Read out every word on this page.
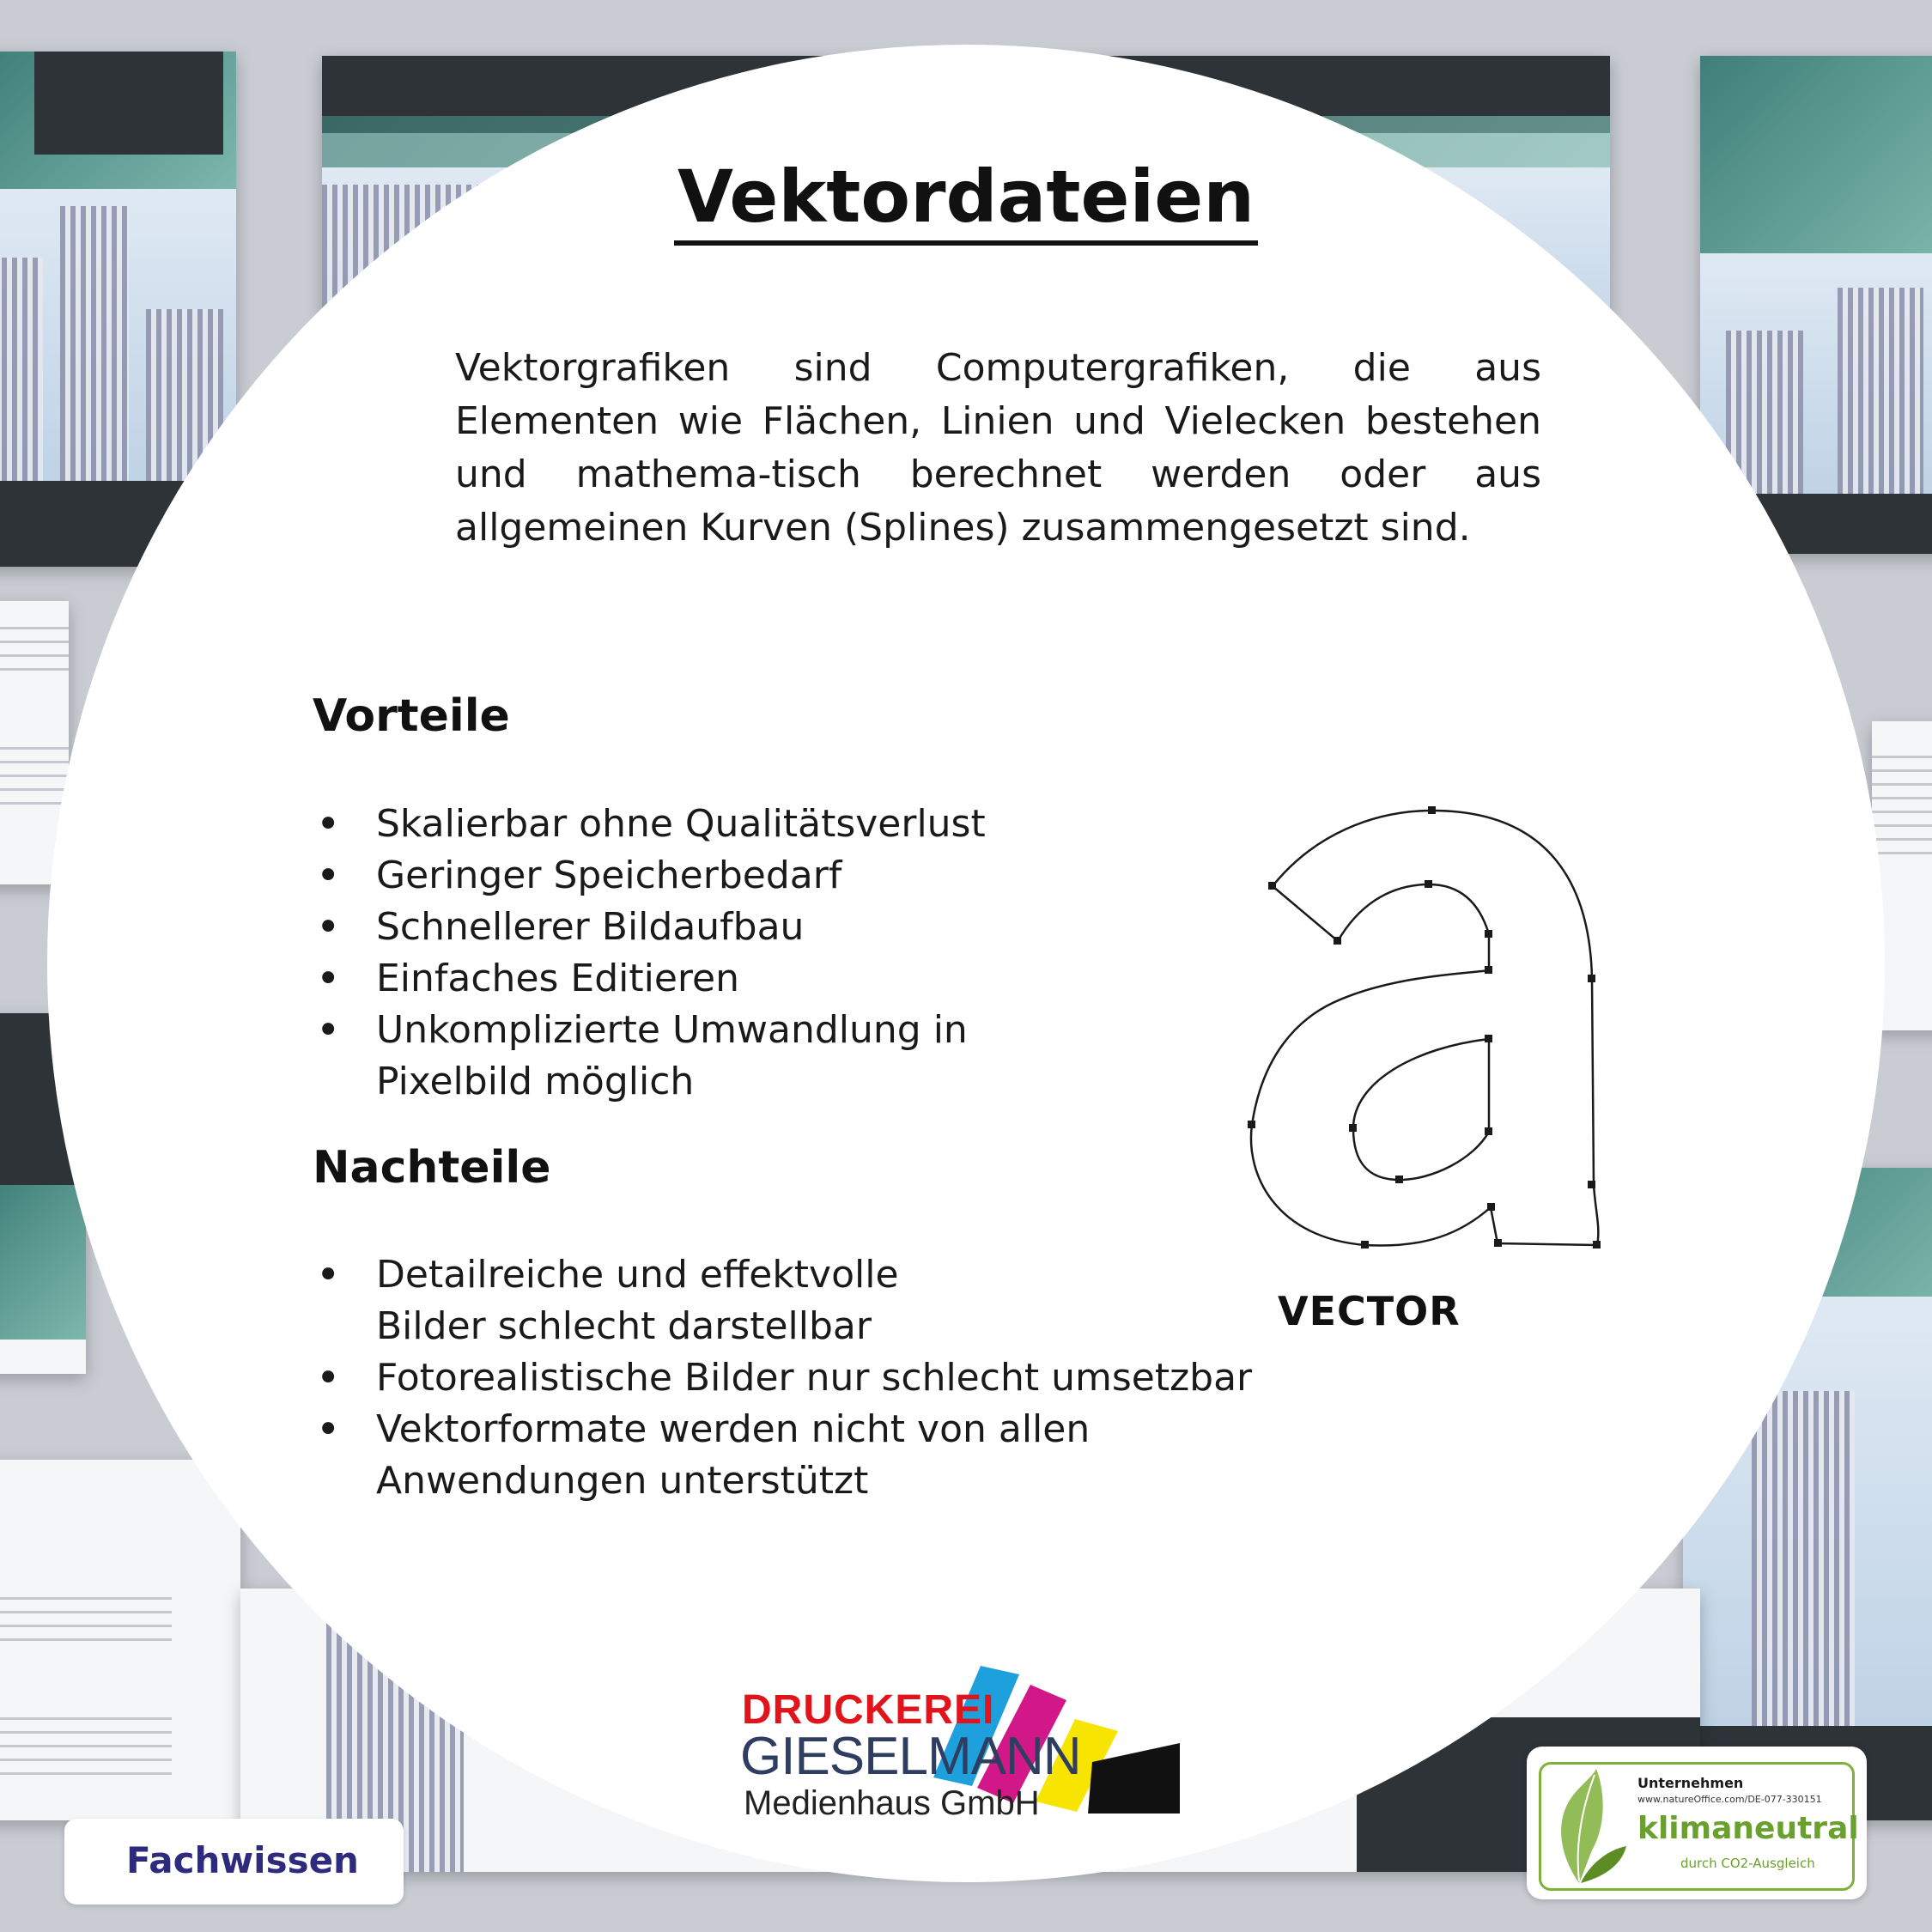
Vektordateien
Vektorgrafiken sind Computergrafiken, die aus Elementen wie Flächen, Linien und Vielecken bestehen und mathema-tisch berechnet werden oder aus allgemeinen Kurven (Splines) zusammengesetzt sind.
Vorteile
• Skalierbar ohne Qualitätsverlust
• Geringer Speicherbedarf
• Schnellerer Bildaufbau
• Einfaches Editieren
• Unkomplizierte Umwandlung in Pixelbild möglich
Nachteile
• Detailreiche und effektvolle Bilder schlecht darstellbar
• Fotorealistische Bilder nur schlecht umsetzbar
• Vektorformate werden nicht von allen Anwendungen unterstützt
VECTOR
DRUCKEREI
GIESELMANN
Medienhaus GmbH
Fachwissen
Unternehmen
www.natureOffice.com/DE-077-330151
klimaneutral
durch CO2-Ausgleich
